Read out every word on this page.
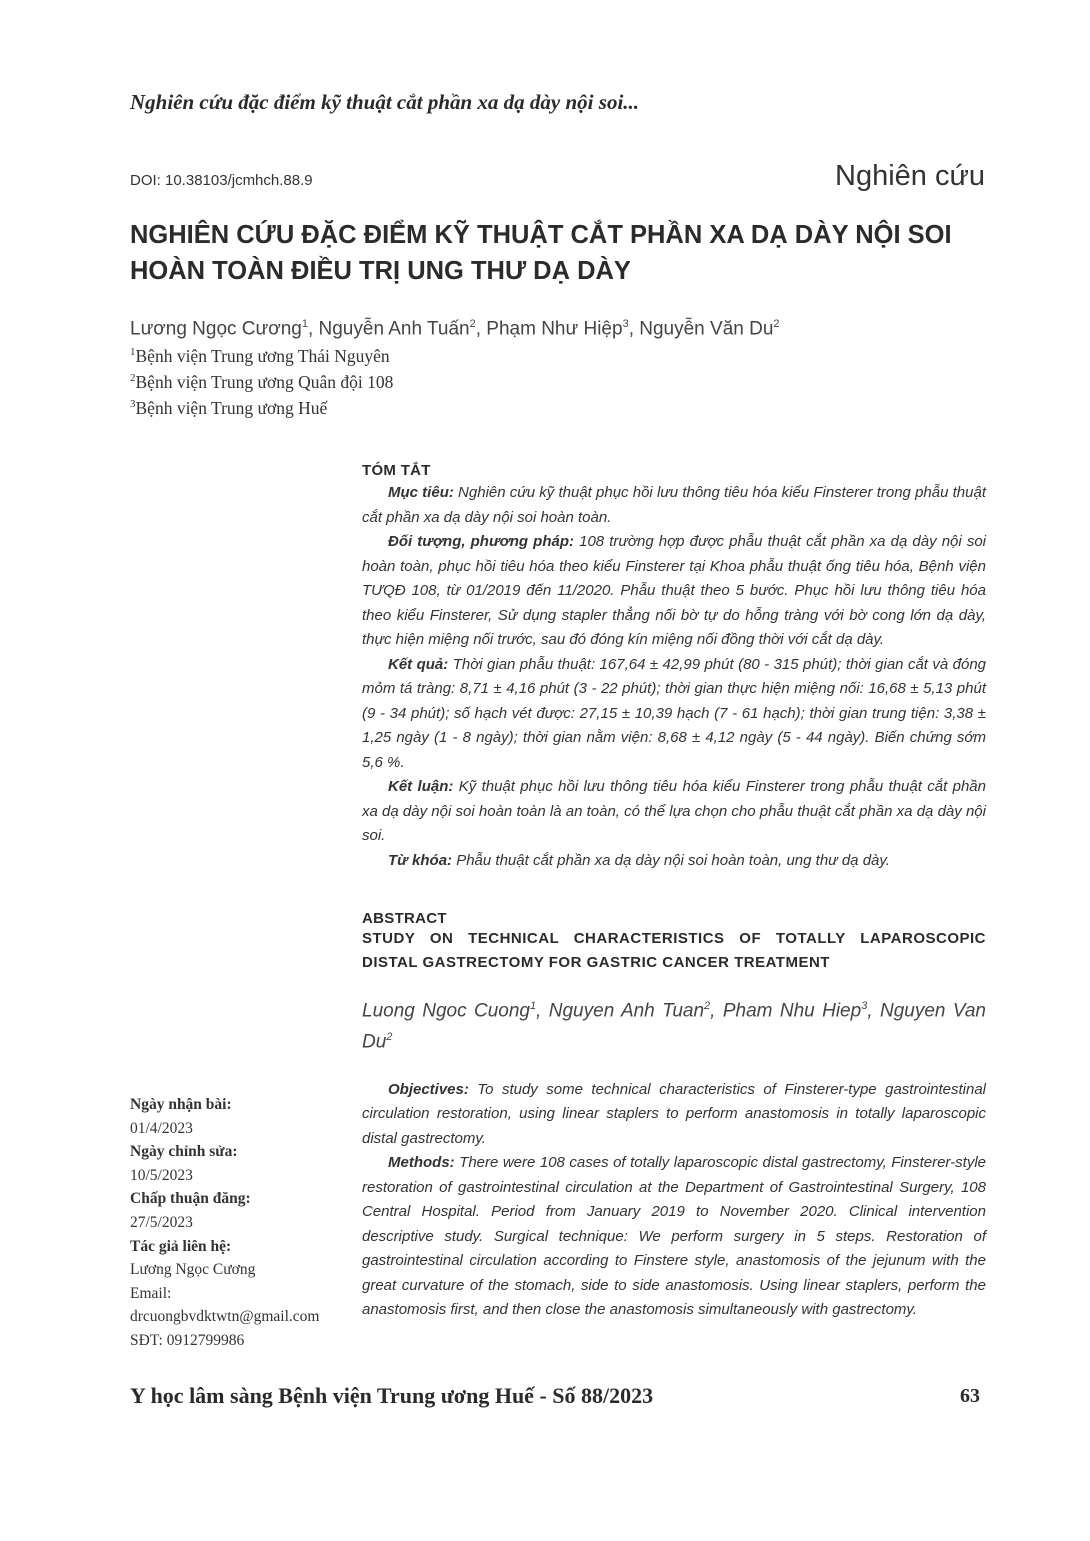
Nghiên cứu đặc điểm kỹ thuật cắt phần xa dạ dày nội soi...
DOI: 10.38103/jcmhch.88.9	Nghiên cứu
NGHIÊN CỨU ĐẶC ĐIỂM KỸ THUẬT CẮT PHẦN XA DẠ DÀY NỘI SOI HOÀN TOÀN ĐIỀU TRỊ UNG THƯ DẠ DÀY
Lương Ngọc Cương$^1$, Nguyễn Anh Tuấn$^2$, Phạm Như Hiệp$^3$, Nguyễn Văn Du$^2$
$^1$Bệnh viện Trung ương Thái Nguyên
$^2$Bệnh viện Trung ương Quân đội 108
$^3$Bệnh viện Trung ương Huế
TÓM TẮT

Mục tiêu: Nghiên cứu kỹ thuật phục hồi lưu thông tiêu hóa kiểu Finsterer trong phẫu thuật cắt phần xa dạ dày nội soi hoàn toàn.

Đối tượng, phương pháp: 108 trường hợp được phẫu thuật cắt phần xa dạ dày nội soi hoàn toàn, phục hồi tiêu hóa theo kiểu Finsterer tại Khoa phẫu thuật ống tiêu hóa, Bệnh viện TƯQĐ 108, từ 01/2019 đến 11/2020. Phẫu thuật theo 5 bước. Phục hồi lưu thông tiêu hóa theo kiểu Finsterer, Sử dụng stapler thẳng nối bờ tự do hỗng tràng với bờ cong lớn dạ dày, thực hiện miệng nối trước, sau đó đóng kín miệng nối đồng thời với cắt dạ dày.

Kết quả: Thời gian phẫu thuật: 167,64 ± 42,99 phút (80 - 315 phút); thời gian cắt và đóng mỏm tá tràng: 8,71 ± 4,16 phút (3 - 22 phút); thời gian thực hiện miệng nối: 16,68 ± 5,13 phút (9 - 34 phút); số hạch vét được: 27,15 ± 10,39 hạch (7 - 61 hạch); thời gian trung tiện: 3,38 ± 1,25 ngày (1 - 8 ngày); thời gian nằm viện: 8,68 ± 4,12 ngày (5 - 44 ngày). Biến chứng sớm 5,6 %.

Kết luận: Kỹ thuật phục hồi lưu thông tiêu hóa kiểu Finsterer trong phẫu thuật cắt phần xa dạ dày nội soi hoàn toàn là an toàn, có thể lựa chọn cho phẫu thuật cắt phần xa dạ dày nội soi.

Từ khóa: Phẫu thuật cắt phần xa dạ dày nội soi hoàn toàn, ung thư dạ dày.

ABSTRACT
STUDY ON TECHNICAL CHARACTERISTICS OF TOTALLY LAPAROSCOPIC DISTAL GASTRECTOMY FOR GASTRIC CANCER TREATMENT
Luong Ngoc Cuong$^1$, Nguyen Anh Tuan$^2$, Pham Nhu Hiep$^3$, Nguyen Van Du$^2$

Objectives: To study some technical characteristics of Finsterer-type gastrointestinal circulation restoration, using linear staplers to perform anastomosis in totally laparoscopic distal gastrectomy.

Methods: There were 108 cases of totally laparoscopic distal gastrectomy, Finsterer-style restoration of gastrointestinal circulation at the Department of Gastrointestinal Surgery, 108 Central Hospital. Period from January 2019 to November 2020. Clinical intervention descriptive study. Surgical technique: We perform surgery in 5 steps. Restoration of gastrointestinal circulation according to Finstere style, anastomosis of the jejunum with the great curvature of the stomach, side to side anastomosis. Using linear staplers, perform the anastomosis first, and then close the anastomosis simultaneously with gastrectomy.

Ngày nhận bài:
01/4/2023
Ngày chỉnh sửa:
10/5/2023
Chấp thuận đăng:
27/5/2023
Tác giả liên hệ:
Lương Ngọc Cương
Email:
drcuongbvdktwtn@gmail.com
SĐT: 0912799986
Y học lâm sàng Bệnh viện Trung ương Huế - Số 88/2023	63
